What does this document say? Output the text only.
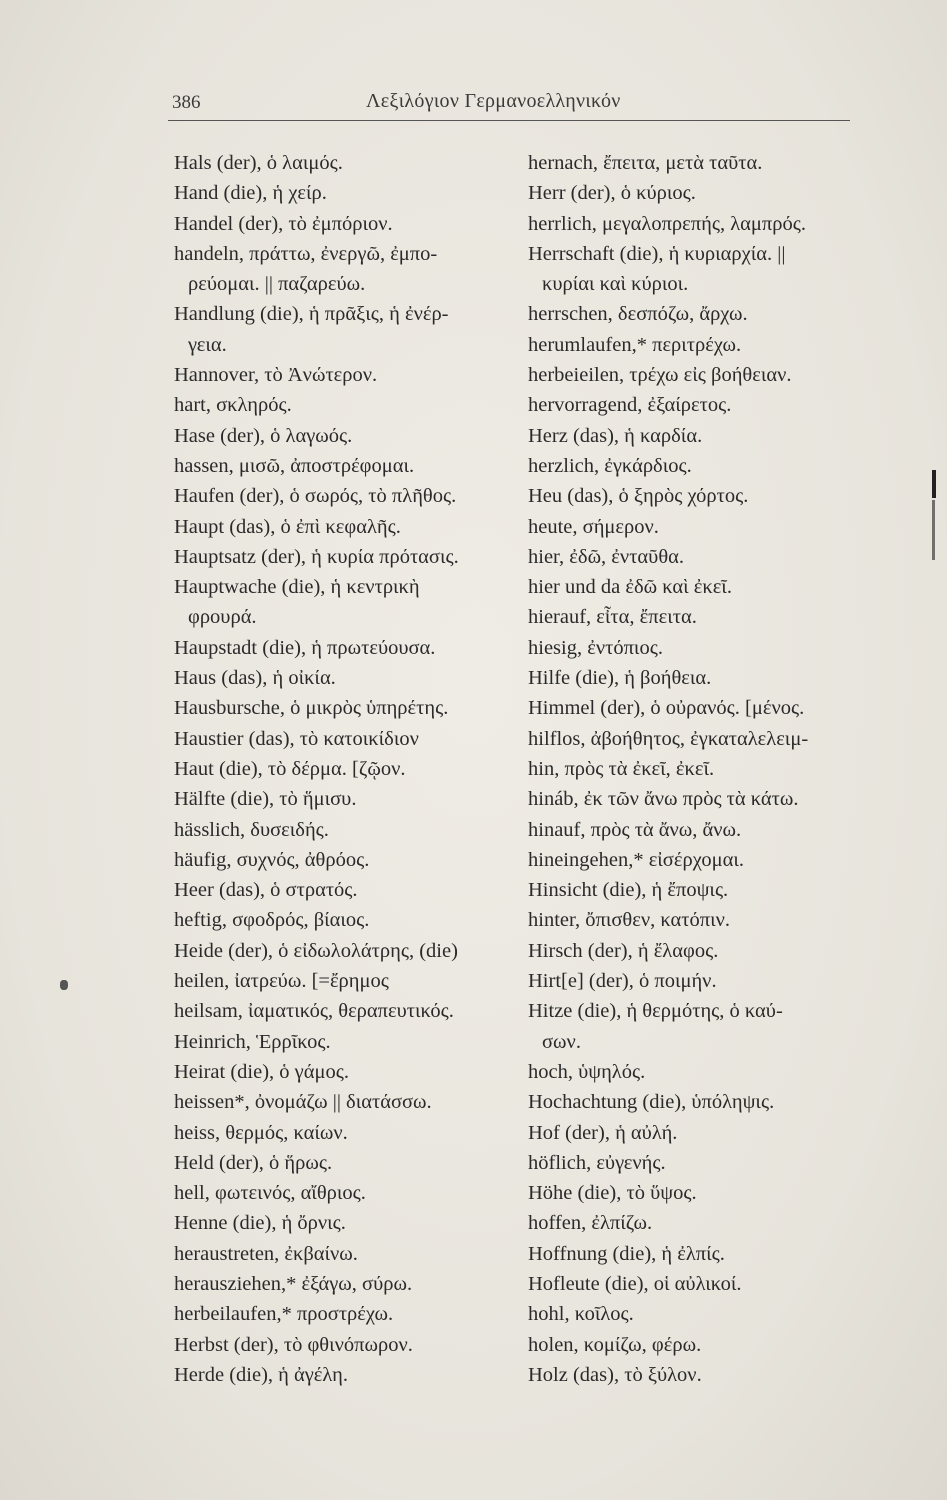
386	Λεξιλόγιον Γερμανοελληνικόν
Hals (der), ὁ λαιμός.
Hand (die), ἡ χείρ.
Handel (der), τὸ ἐμπόριον.
handeln, πράττω, ἐνεργῶ, ἐμπο-
ρεύομαι. || παζαρεύω.
Handlung (die), ἡ πρᾶξις, ἡ ἐνέρ-
γεια.
Hannover, τὸ Ἀνώτερον.
hart, σκληρός.
Hase (der), ὁ λαγωός.
hassen, μισῶ, ἀποστρέφομαι.
Haufen (der), ὁ σωρός, τὸ πλῆθος.
Haupt (das), ὁ ἐπὶ κεφαλῆς.
Hauptsatz (der), ἡ κυρία πρότασις.
Hauptwache (die), ἡ κεντρικὴ
φρουρά.
Haupstadt (die), ἡ πρωτεύουσα.
Haus (das), ἡ οἰκία.
Hausbursche, ὁ μικρὸς ὑπηρέτης.
Haustier (das), τὸ κατοικίδιον
Haut (die), τὸ δέρμα. [ζῷον.
Hälfte (die), τὸ ἥμισυ.
hässlich, δυσειδής.
häufig, συχνός, ἀθρόος.
Heer (das), ὁ στρατός.
heftig, σφοδρός, βίαιος.
Heide (der), ὁ εἰδωλολάτρης, (die)
heilen, ἰατρεύω. [=ἔρημος
heilsam, ἰαματικός, θεραπευτικός.
Heinrich, Ἑρρῖκος.
Heirat (die), ὁ γάμος.
heissen*, ὀνομάζω || διατάσσω.
heiss, θερμός, καίων.
Held (der), ὁ ἥρως.
hell, φωτεινός, αἴθριος.
Henne (die), ἡ ὄρνις.
heraustreten, ἐκβαίνω.
herausziehen,* ἐξάγω, σύρω.
herbeilaufen,* προστρέχω.
Herbst (der), τὸ φθινόπωρον.
Herde (die), ἡ ἀγέλη.
hernach, ἔπειτα, μετὰ ταῦτα.
Herr (der), ὁ κύριος.
herrlich, μεγαλοπρεπής, λαμπρός.
Herrschaft (die), ἡ κυριαρχία. ||
κυρίαι καὶ κύριοι.
herrschen, δεσπόζω, ἄρχω.
herumlaufen,* περιτρέχω.
herbeieilen, τρέχω εἰς βοήθειαν.
hervorragend, ἐξαίρετος.
Herz (das), ἡ καρδία.
herzlich, ἐγκάρδιος.
Heu (das), ὁ ξηρὸς χόρτος.
heute, σήμερον.
hier, ἐδῶ, ἐνταῦθα.
hier und da ἐδῶ καὶ ἐκεῖ.
hierauf, εἶτα, ἔπειτα.
hiesig, ἐντόπιος.
Hilfe (die), ἡ βοήθεια.
Himmel (der), ὁ οὐρανός. [μένος.
hilflos, ἀβοήθητος, ἐγκαταλελειμ-
hin, πρὸς τὰ ἐκεῖ, ἐκεῖ.
hináb, ἐκ τῶν ἄνω πρὸς τὰ κάτω.
hinauf, πρὸς τὰ ἄνω, ἄνω.
hineingehen,* εἰσέρχομαι.
Hinsicht (die), ἡ ἔποψις.
hinter, ὄπισθεν, κατόπιν.
Hirsch (der), ἡ ἔλαφος.
Hirt[e] (der), ὁ ποιμήν.
Hitze (die), ἡ θερμότης, ὁ καύ-
σων.
hoch, ὑψηλός.
Hochachtung (die), ὑπόληψις.
Hof (der), ἡ αὐλή.
höflich, εὐγενής.
Höhe (die), τὸ ὕψος.
hoffen, ἐλπίζω.
Hoffnung (die), ἡ ἐλπίς.
Hofleute (die), οἱ αὐλικοί.
hohl, κοῖλος.
holen, κομίζω, φέρω.
Holz (das), τὸ ξύλον.
